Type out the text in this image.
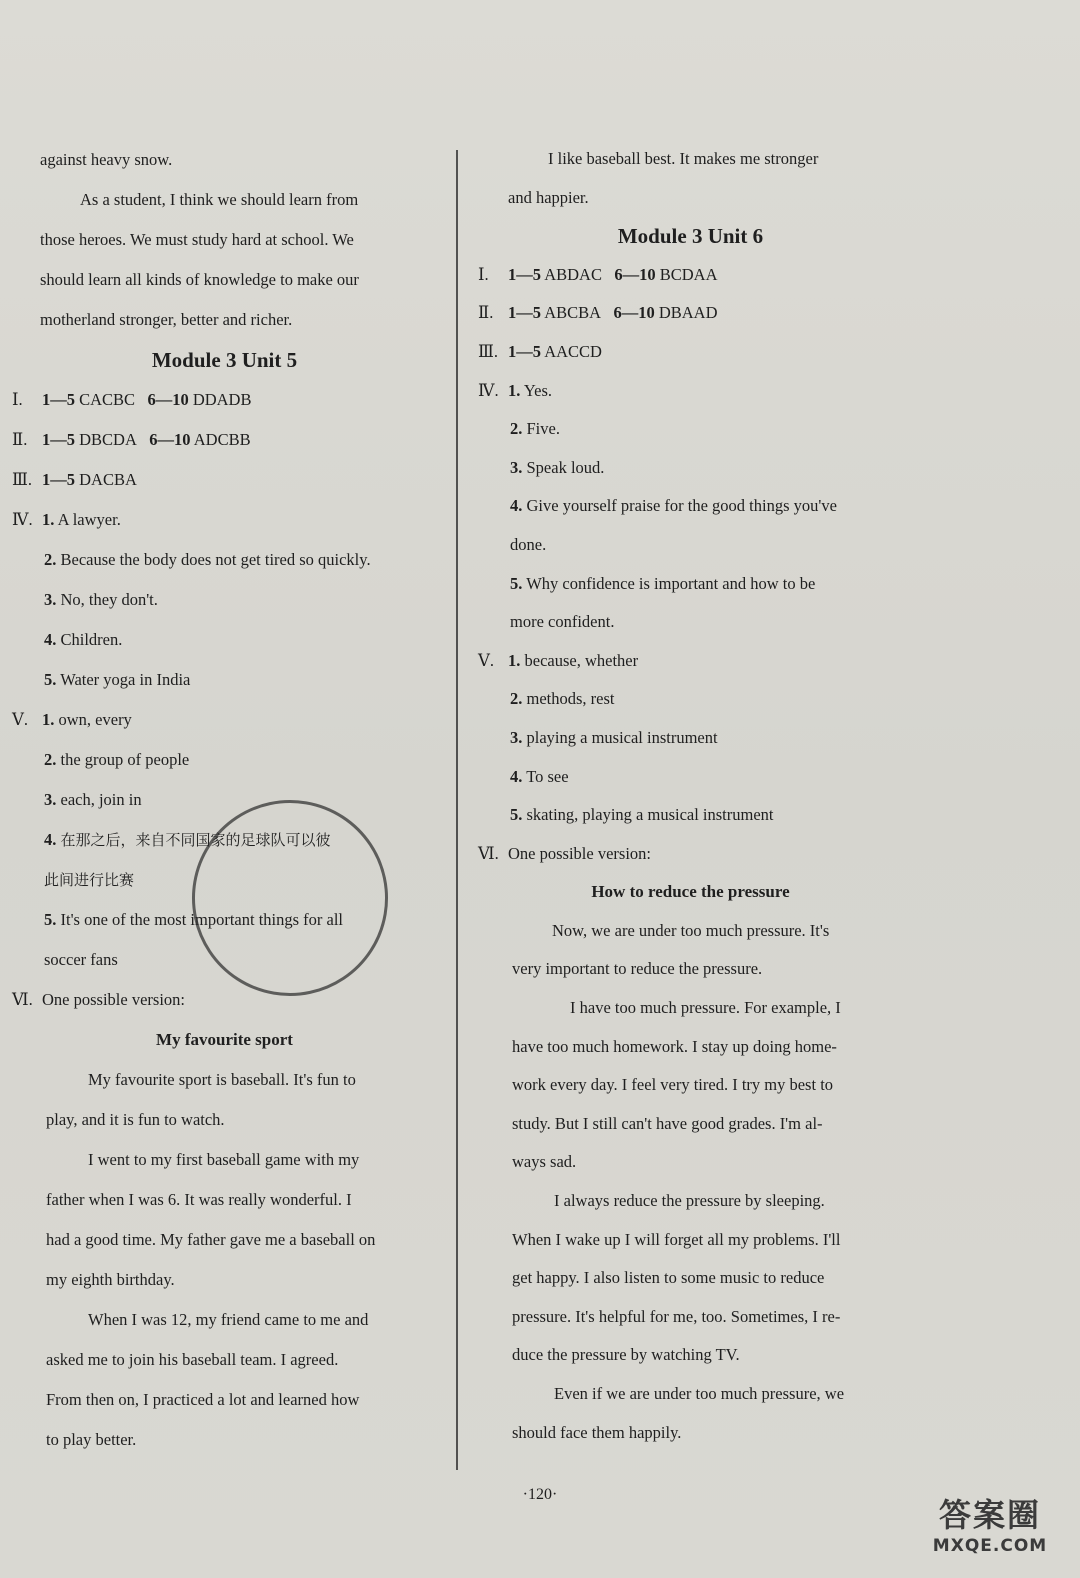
against heavy snow.
As a student, I think we should learn from
those heroes. We must study hard at school. We
should learn all kinds of knowledge to make our
motherland stronger, better and richer.
Module 3 Unit 5
Ⅰ. 1—5 CACBC 6—10 DDADB
Ⅱ. 1—5 DBCDA 6—10 ADCBB
Ⅲ. 1—5 DACBA
Ⅳ. 1. A lawyer.
2. Because the body does not get tired so quickly.
3. No, they don't.
4. Children.
5. Water yoga in India
Ⅴ. 1. own, every
2. the group of people
3. each, join in
4. 在那之后，来自不同国家的足球队可以彼
此间进行比赛
5. It's one of the most important things for all
soccer fans
Ⅵ. One possible version:
My favourite sport
My favourite sport is baseball. It's fun to
play, and it is fun to watch.
I went to my first baseball game with my
father when I was 6. It was really wonderful. I
had a good time. My father gave me a baseball on
my eighth birthday.
When I was 12, my friend came to me and
asked me to join his baseball team. I agreed.
From then on, I practiced a lot and learned how
to play better.
I like baseball best. It makes me stronger
and happier.
Module 3 Unit 6
Ⅰ. 1—5 ABDAC 6—10 BCDAA
Ⅱ. 1—5 ABCBA 6—10 DBAAD
Ⅲ. 1—5 AACCD
Ⅳ. 1. Yes.
2. Five.
3. Speak loud.
4. Give yourself praise for the good things you've
done.
5. Why confidence is important and how to be
more confident.
Ⅴ. 1. because, whether
2. methods, rest
3. playing a musical instrument
4. To see
5. skating, playing a musical instrument
Ⅵ. One possible version:
How to reduce the pressure
Now, we are under too much pressure. It's
very important to reduce the pressure.
I have too much pressure. For example, I
have too much homework. I stay up doing home-
work every day. I feel very tired. I try my best to
study. But I still can't have good grades. I'm al-
ways sad.
I always reduce the pressure by sleeping.
When I wake up I will forget all my problems. I'll
get happy. I also listen to some music to reduce
pressure. It's helpful for me, too. Sometimes, I re-
duce the pressure by watching TV.
Even if we are under too much pressure, we
should face them happily.
·120·
答案圈
MXQE.COM
